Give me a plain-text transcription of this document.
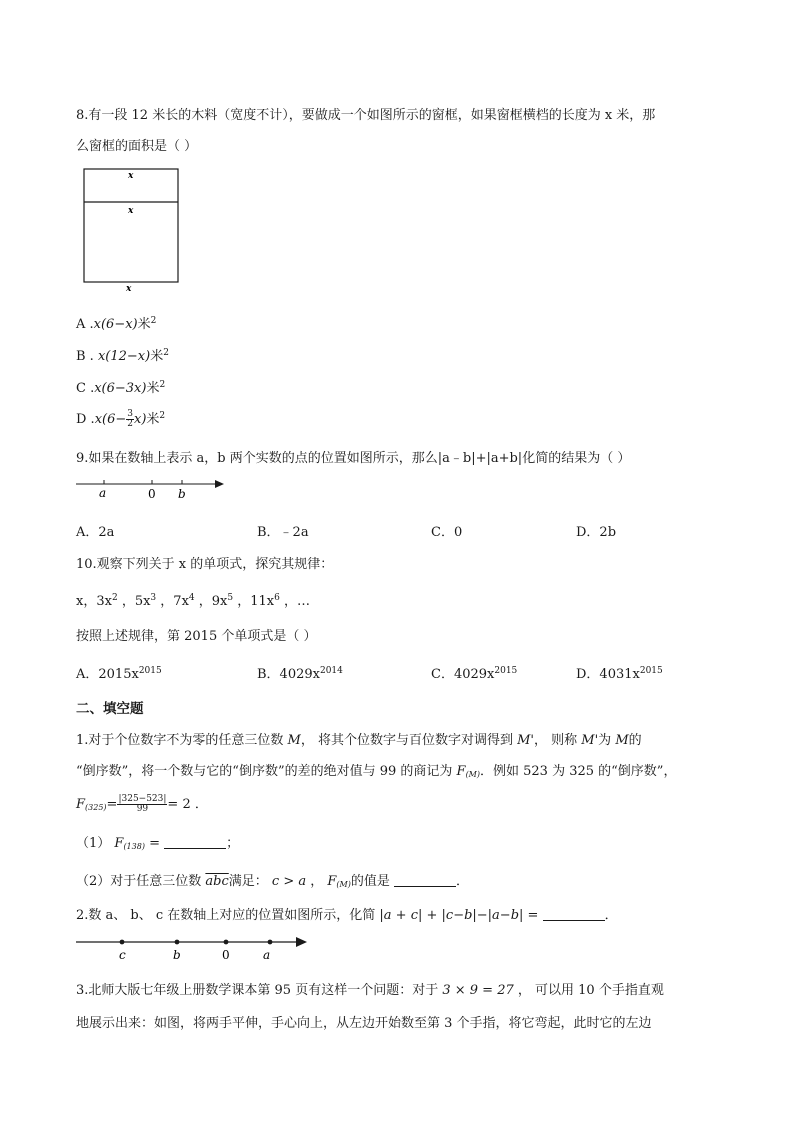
8.有一段 12 米长的木料（宽度不计），要做成一个如图所示的窗框，如果窗框横档的长度为 x 米，那
么窗框的面积是（ ）
x
x
x
A .x(6−x)米$^2$
B . x(12−x)米$^2$
C .x(6−3x)米$^2$
D $.x(6- \frac{3}{2} x)$米$^2$
9.如果在数轴上表示 a，b 两个实数的点的位置如图所示，那么|a﹣b|+|a+b|化简的结果为（ ）
a	0 b
A．2a	B．﹣2a	C．0	D．2b
10.观察下列关于 x 的单项式，探究其规律：
x，$3x^2$ ，$5x^3$ ，$7x^4$ ，$9x^5$ ，$11x^6$ ，…
按照上述规律，第 2015 个单项式是（ ）
A．$2015x^{2015}$	B．$4029x^{2014}$	C．$4029x^{2015}$	D．$4031x^{2015}$
二、填空题
1.对于个位数字不为零的任意三位数 M， 将其个位数字与百位数字对调得到 M'， 则称 M'为 M的
“倒序数”，将一个数与它的“倒序数”的差的绝对值与 99 的商记为 $F_{(M)}$．例如 523 为 325 的“倒序数”，
$F_{(325)}= \frac{|325-523|}{99} = 2$ ．
（1） $F_{(138)}$ =	；
（2）对于任意三位数 $\overline{abc}$满足： c > a ， $F_{(M)}$的值是	．
2.数 a、 b、 c 在数轴上对应的位置如图所示，化简 |a + c| + |c−b|−|a−b| =	．
c	b	0	a
3.北师大版七年级上册数学课本第 95 页有这样一个问题：对于 3 × 9 = 27 ， 可以用 10 个手指直观
地展示出来：如图，将两手平伸，手心向上，从左边开始数至第 3 个手指，将它弯起，此时它的左边
